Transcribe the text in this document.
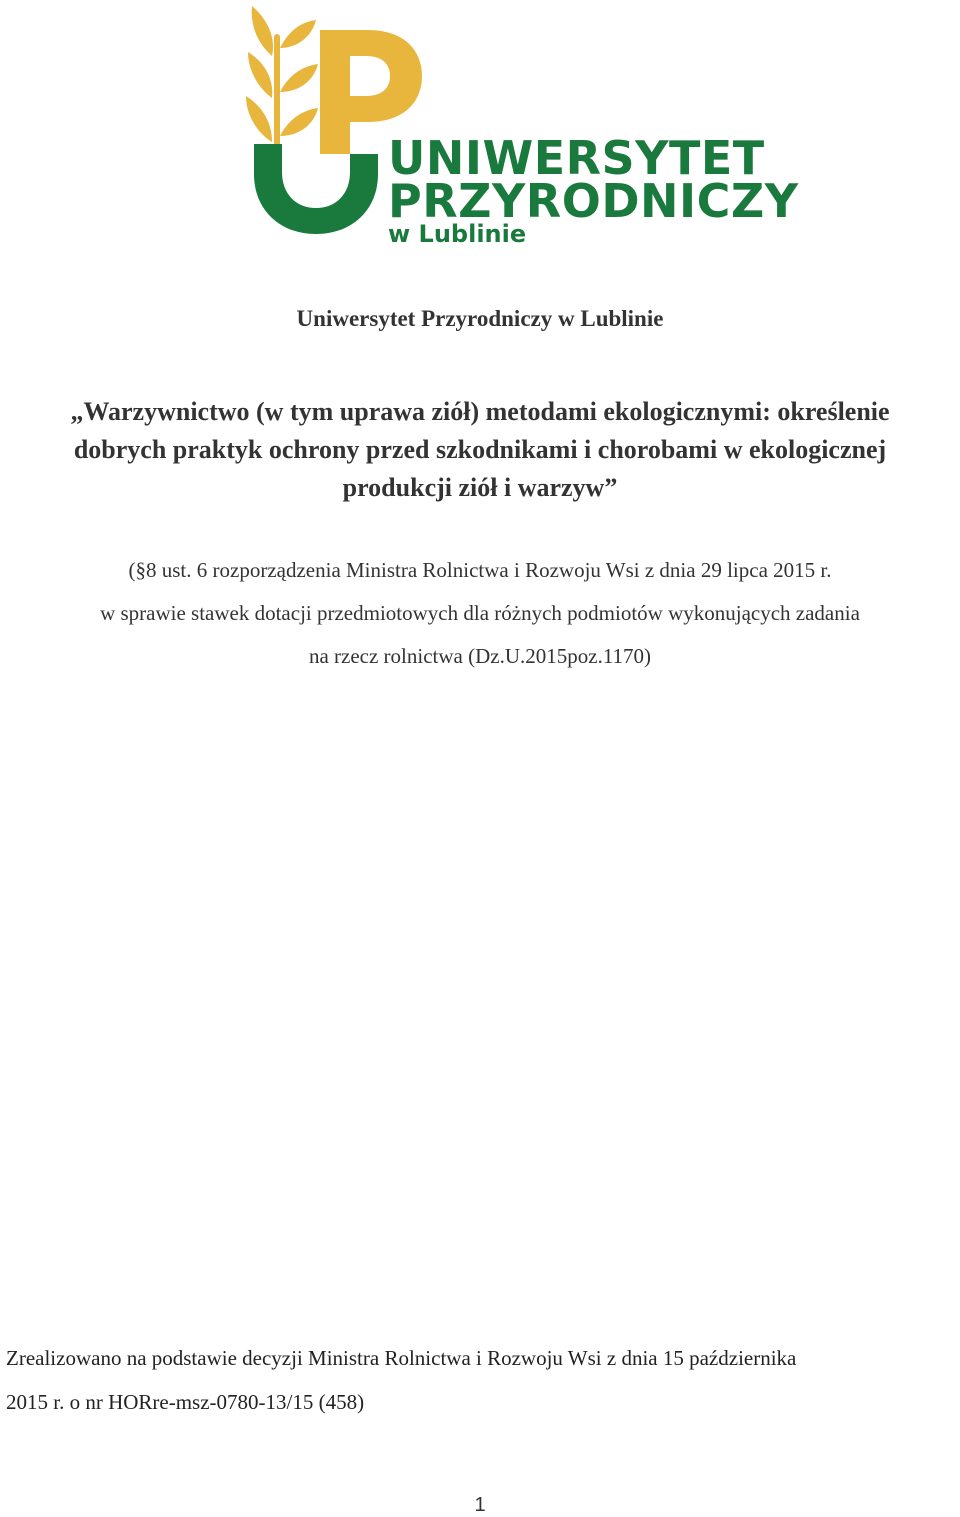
UNIWERSYTET
PRZYRODNICZY
w Lublinie
Uniwersytet Przyrodniczy w Lublinie
„Warzywnictwo (w tym uprawa ziół) metodami ekologicznymi: określenie
dobrych praktyk ochrony przed szkodnikami i chorobami w ekologicznej
produkcji ziół i warzyw”
(§8 ust. 6 rozporządzenia Ministra Rolnictwa i Rozwoju Wsi z dnia 29 lipca 2015 r.
w sprawie stawek dotacji przedmiotowych dla różnych podmiotów wykonujących zadania
na rzecz rolnictwa (Dz.U.2015poz.1170)
Zrealizowano na podstawie decyzji Ministra Rolnictwa i Rozwoju Wsi z dnia 15 października
2015 r. o nr HORre-msz-0780-13/15 (458)
1
